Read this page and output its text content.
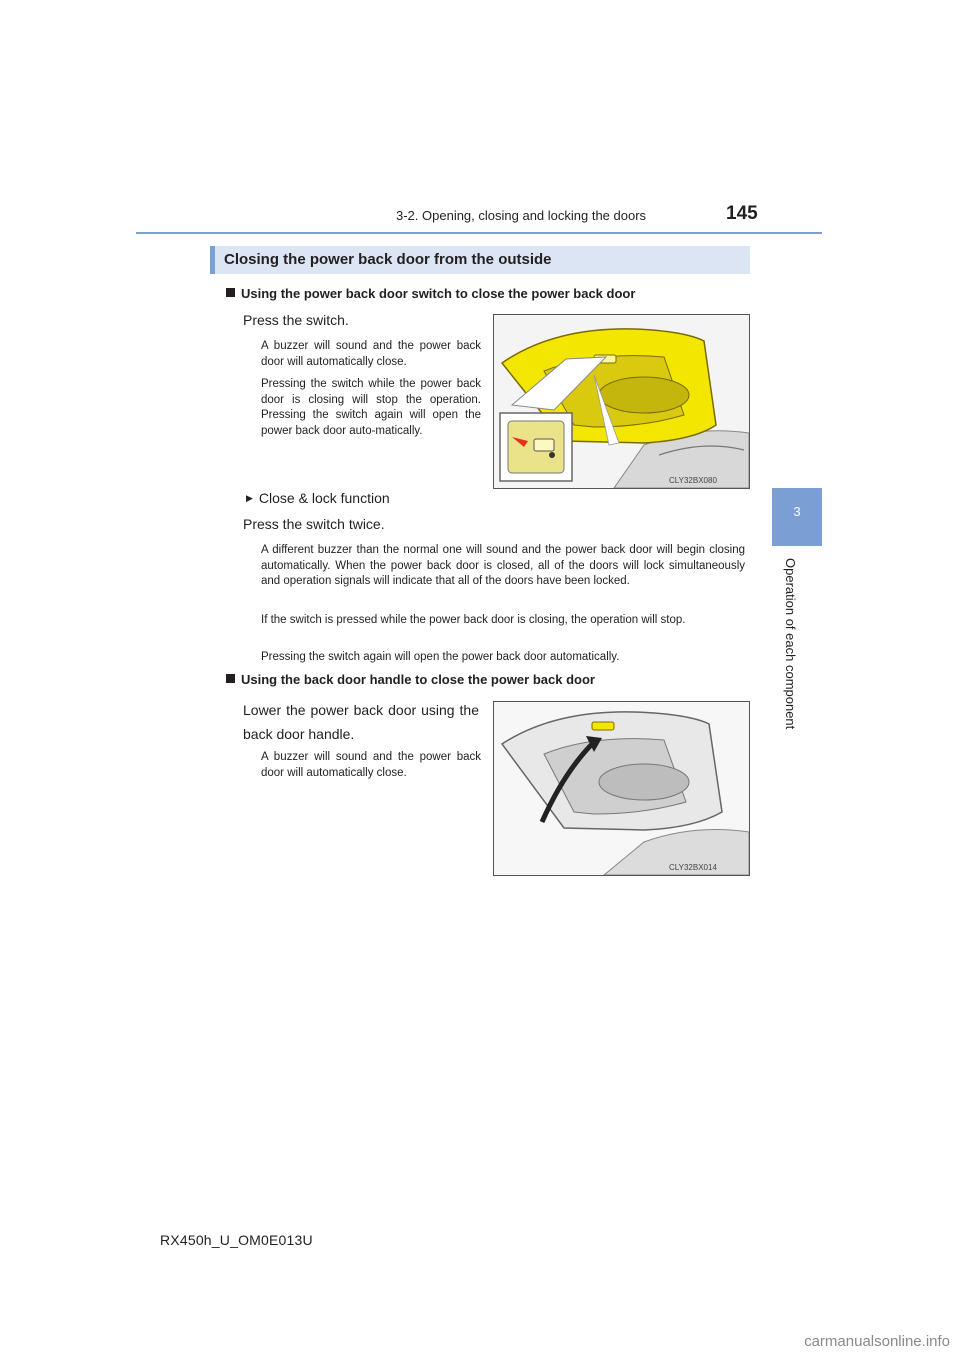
3-2. Opening, closing and locking the doors	145
3
Operation of each component
Closing the power back door from the outside
Using the power back door switch to close the power back door
Press the switch.
A buzzer will sound and the power back door will automatically close.
Pressing the switch while the power back door is closing will stop the operation. Pressing the switch again will open the power back door auto-matically.
CLY32BX080
▶ Close & lock function
Press the switch twice.
A different buzzer than the normal one will sound and the power back door will begin closing automatically. When the power back door is closed, all of the doors will lock simultaneously and operation signals will indicate that all of the doors have been locked.
If the switch is pressed while the power back door is closing, the operation will stop.
Pressing the switch again will open the power back door automatically.
Using the back door handle to close the power back door
Lower the power back door using the back door handle.
A buzzer will sound and the power back door will automatically close.
CLY32BX014
RX450h_U_OM0E013U
carmanualsonline.info
